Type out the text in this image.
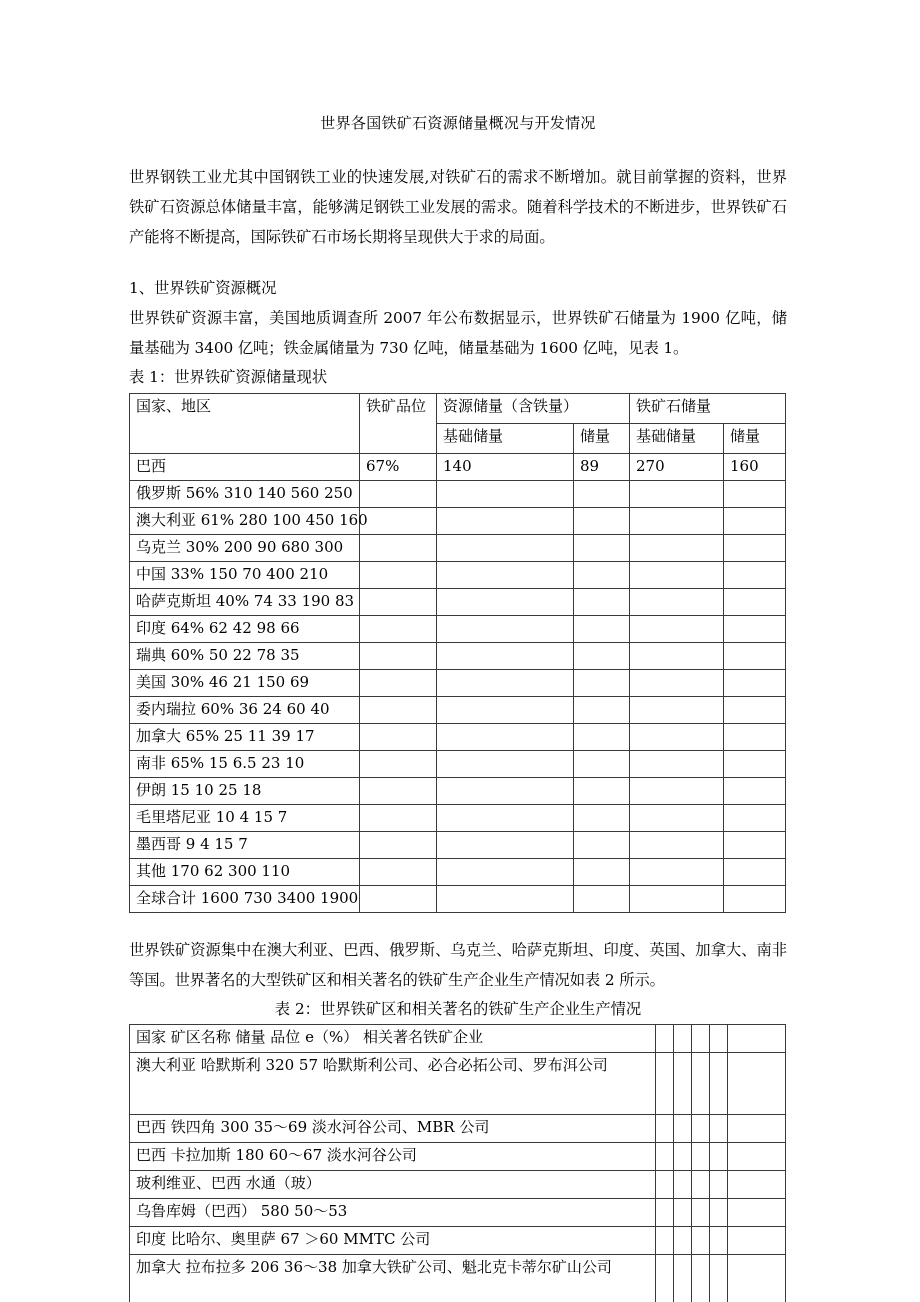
世界各国铁矿石资源储量概况与开发情况

世界钢铁工业尤其中国钢铁工业的快速发展,对铁矿石的需求不断增加。就目前掌握的资料，世界铁矿石资源总体储量丰富，能够满足钢铁工业发展的需求。随着科学技术的不断进步，世界铁矿石产能将不断提高，国际铁矿石市场长期将呈现供大于求的局面。

1、世界铁矿资源概况

世界铁矿资源丰富，美国地质调查所 2007 年公布数据显示，世界铁矿石储量为 1900 亿吨，储量基础为 3400 亿吨；铁金属储量为 730 亿吨，储量基础为 1600 亿吨，见表 1。

表 1：世界铁矿资源储量现状

国家、地区	铁矿品位	资源储量（含铁量）		铁矿石储量	
		基础储量	储量	基础储量	储量
巴西	67%	140	89	270	160
俄罗斯 56% 310 140 560 250					
澳大利亚 61% 280 100 450 160					
乌克兰 30% 200 90 680 300					
中国 33% 150 70 400 210					
哈萨克斯坦 40% 74 33 190 83					
印度 64% 62 42 98 66					
瑞典 60% 50 22 78 35					
美国 30% 46 21 150 69					
委内瑞拉 60% 36 24 60 40					
加拿大 65% 25 11 39 17					
南非 65% 15 6.5 23 10					
伊朗 15 10 25 18					
毛里塔尼亚 10 4 15 7					
墨西哥 9 4 15 7					
其他 170 62 300 110					
全球合计 1600 730 3400 1900					

世界铁矿资源集中在澳大利亚、巴西、俄罗斯、乌克兰、哈萨克斯坦、印度、英国、加拿大、南非等国。世界著名的大型铁矿区和相关著名的铁矿生产企业生产情况如表 2 所示。

表 2：世界铁矿区和相关著名的铁矿生产企业生产情况

国家 矿区名称 储量 品位 e（%） 相关著名铁矿企业					
澳大利亚 哈默斯利 320 57 哈默斯利公司、必合必拓公司、罗布洱公司					
巴西 铁四角 300 35～69 淡水河谷公司、MBR 公司					
巴西 卡拉加斯 180 60～67 淡水河谷公司					
玻利维亚、巴西 水通（玻）					
乌鲁库姆（巴西） 580 50～53					
印度 比哈尔、奥里萨 67 ＞60 MMTC 公司					
加拿大 拉布拉多 206 36～38 加拿大铁矿公司、魁北克卡蒂尔矿山公司					
